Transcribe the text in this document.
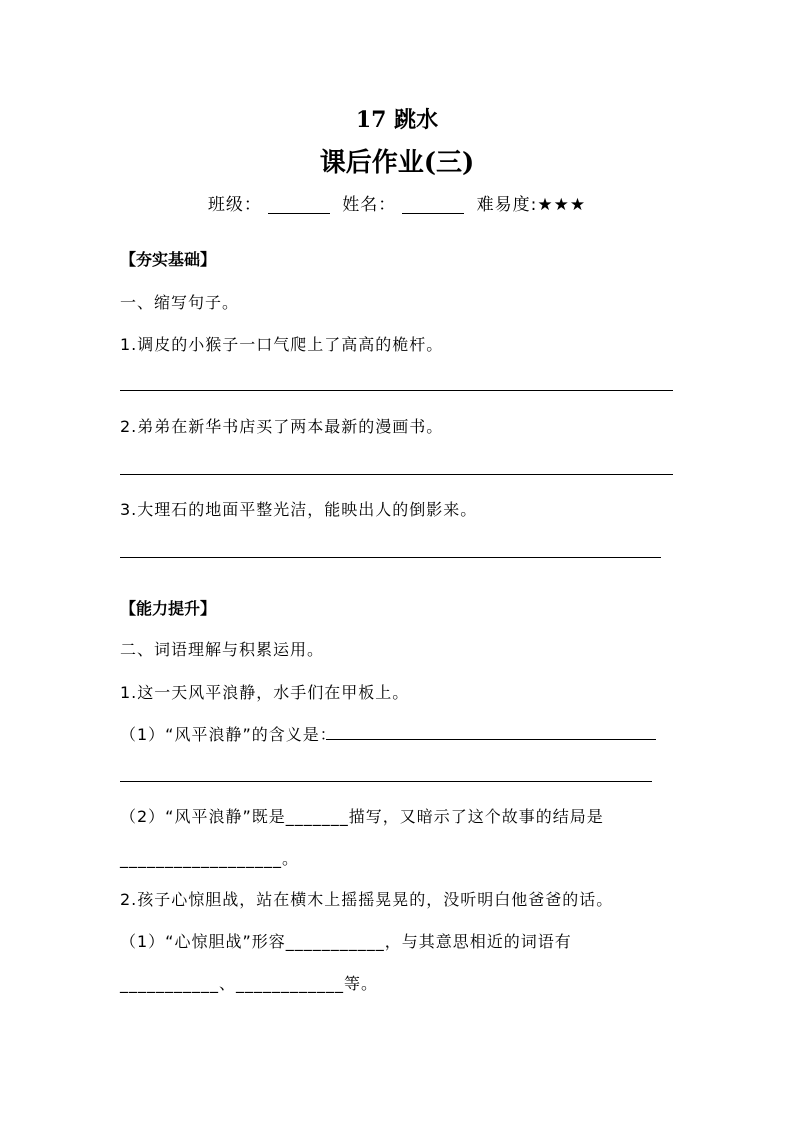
17 跳水
课后作业(三)
班级：	姓名：	难易度:★★★
【夯实基础】
一、缩写句子。
1.调皮的小猴子一口气爬上了高高的桅杆。
2.弟弟在新华书店买了两本最新的漫画书。
3.大理石的地面平整光洁，能映出人的倒影来。
【能力提升】
二、词语理解与积累运用。
1.这一天风平浪静，水手们在甲板上。
（1）“风平浪静”的含义是：
（2）“风平浪静”既是_______描写，又暗示了这个故事的结局是
__________________。
2.孩子心惊胆战，站在横木上摇摇晃晃的，没听明白他爸爸的话。
（1）“心惊胆战”形容___________，与其意思相近的词语有
___________、____________等。
